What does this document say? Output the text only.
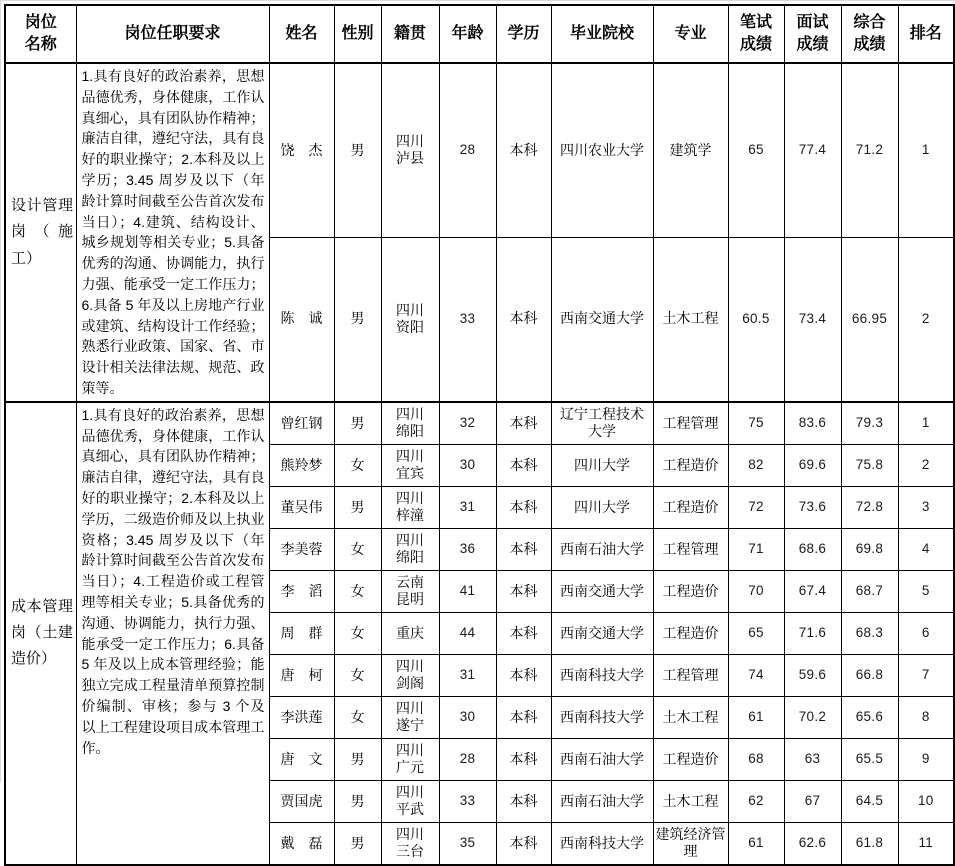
岗位名称	岗位任职要求	姓名	性别	籍贯	年龄	学历	毕业院校	专业	笔试成绩	面试成绩	综合成绩	排名

设计管理岗（施工）	1.具有良好的政治素养，思想品德优秀，身体健康，工作认真细心，具有团队协作精神；廉洁自律，遵纪守法，具有良好的职业操守；2.本科及以上学历；3.45 周岁及以下（年龄计算时间截至公告首次发布当日）；4.建筑、结构设计、城乡规划等相关专业；5.具备优秀的沟通、协调能力，执行力强、能承受一定工作压力；6.具备 5 年及以上房地产行业或建筑、结构设计工作经验；熟悉行业政策、国家、省、市设计相关法律法规、规范、政策等。	饶　杰	男	四川泸县	28	本科	四川农业大学	建筑学	65	77.4	71.2	1
		陈　诚	男	四川资阳	33	本科	西南交通大学	土木工程	60.5	73.4	66.95	2

成本管理岗（土建造价）	1.具有良好的政治素养，思想品德优秀，身体健康，工作认真细心，具有团队协作精神；廉洁自律，遵纪守法，具有良好的职业操守；2.本科及以上学历，二级造价师及以上执业资格；3.45 周岁及以下（年龄计算时间截至公告首次发布当日）；4.工程造价或工程管理等相关专业；5.具备优秀的沟通、协调能力，执行力强、能承受一定工作压力；6.具备 5 年及以上成本管理经验；能独立完成工程量清单预算控制价编制、审核；参与 3 个及以上工程建设项目成本管理工作。	曾红钢	男	四川绵阳	32	本科	辽宁工程技术大学	工程管理	75	83.6	79.3	1
		熊羚梦	女	四川宜宾	30	本科	四川大学	工程造价	82	69.6	75.8	2
		董吴伟	男	四川梓潼	31	本科	四川大学	工程造价	72	73.6	72.8	3
		李美蓉	女	四川绵阳	36	本科	西南石油大学	工程管理	71	68.6	69.8	4
		李　滔	女	云南昆明	41	本科	西南交通大学	工程造价	70	67.4	68.7	5
		周　群	女	重庆	44	本科	西南交通大学	工程造价	65	71.6	68.3	6
		唐　柯	女	四川剑阁	31	本科	西南科技大学	工程管理	74	59.6	66.8	7
		李洪莲	女	四川遂宁	30	本科	西南科技大学	土木工程	61	70.2	65.6	8
		唐　文	男	四川广元	28	本科	西南石油大学	工程造价	68	63	65.5	9
		贾国虎	男	四川平武	33	本科	西南石油大学	土木工程	62	67	64.5	10
		戴　磊	男	四川三台	35	本科	西南科技大学	建筑经济管理	61	62.6	61.8	11
